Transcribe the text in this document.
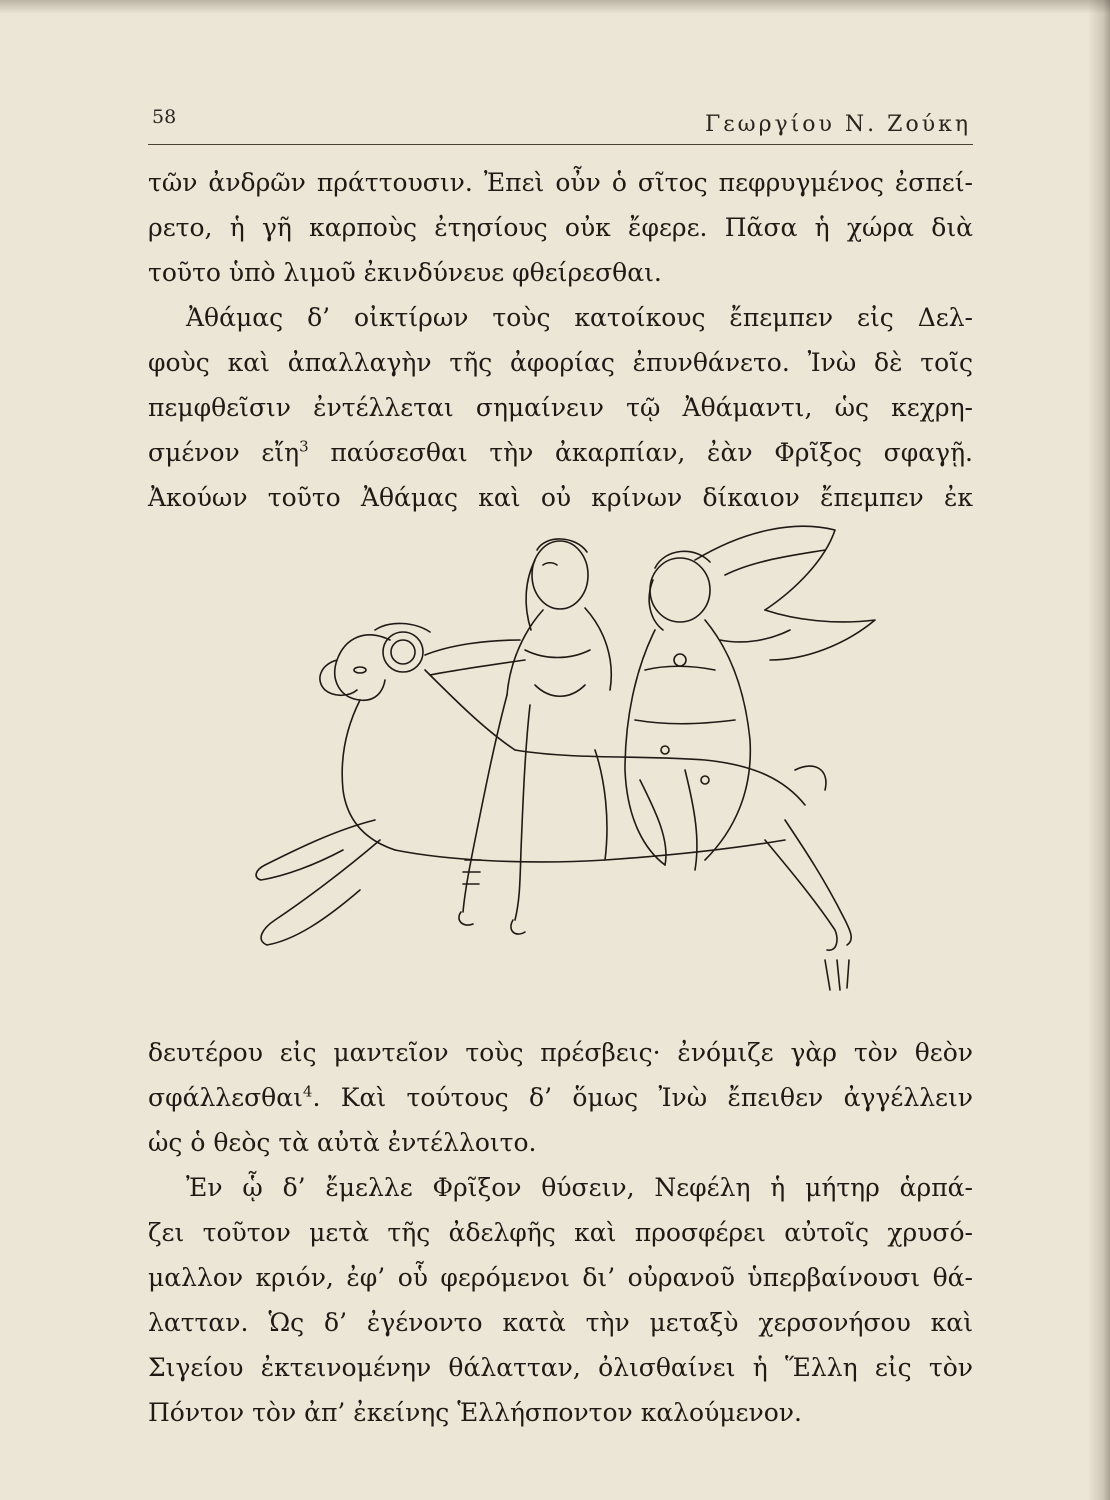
58	Γεωργίου Ν. Ζούκη
τῶν ἀνδρῶν πράττουσιν. Ἐπεὶ οὖν ὁ σῖτος πεφρυγμένος ἐσπεί-
ρετο, ἡ γῆ καρποὺς ἐτησίους οὐκ ἔφερε. Πᾶσα ἡ χώρα διὰ
τοῦτο ὑπὸ λιμοῦ ἐκινδύνευε φθείρεσθαι.
Ἀθάμας δ’ οἰκτίρων τοὺς κατοίκους ἔπεμπεν εἰς Δελ-
φοὺς καὶ ἀπαλλαγὴν τῆς ἀφορίας ἐπυνθάνετο. Ἰνὼ δὲ τοῖς
πεμφθεῖσιν ἐντέλλεται σημαίνειν τῷ Ἀθάμαντι, ὡς κεχρη-
σμένον εἴη$^3$ παύσεσθαι τὴν ἀκαρπίαν, ἐὰν Φρῖξος σφαγῇ.
Ἀκούων τοῦτο Ἀθάμας καὶ οὐ κρίνων δίκαιον ἔπεμπεν ἐκ
δευτέρου εἰς μαντεῖον τοὺς πρέσβεις· ἐνόμιζε γὰρ τὸν θεὸν
σφάλλεσθαι$^4$. Καὶ τούτους δ’ ὅμως Ἰνὼ ἔπειθεν ἀγγέλλειν
ὡς ὁ θεὸς τὰ αὐτὰ ἐντέλλοιτο.
Ἐν ᾧ δ’ ἔμελλε Φρῖξον θύσειν, Νεφέλη ἡ μήτηρ ἁρπά-
ζει τοῦτον μετὰ τῆς ἀδελφῆς καὶ προσφέρει αὐτοῖς χρυσό-
μαλλον κριόν, ἐφ’ οὗ φερόμενοι δι’ οὐρανοῦ ὑπερβαίνουσι θά-
λατταν. Ὡς δ’ ἐγένοντο κατὰ τὴν μεταξὺ χερσονήσου καὶ
Σιγείου ἐκτεινομένην θάλατταν, ὀλισθαίνει ἡ Ἕλλη εἰς τὸν
Πόντον τὸν ἀπ’ ἐκείνης Ἑλλήσποντον καλούμενον.
